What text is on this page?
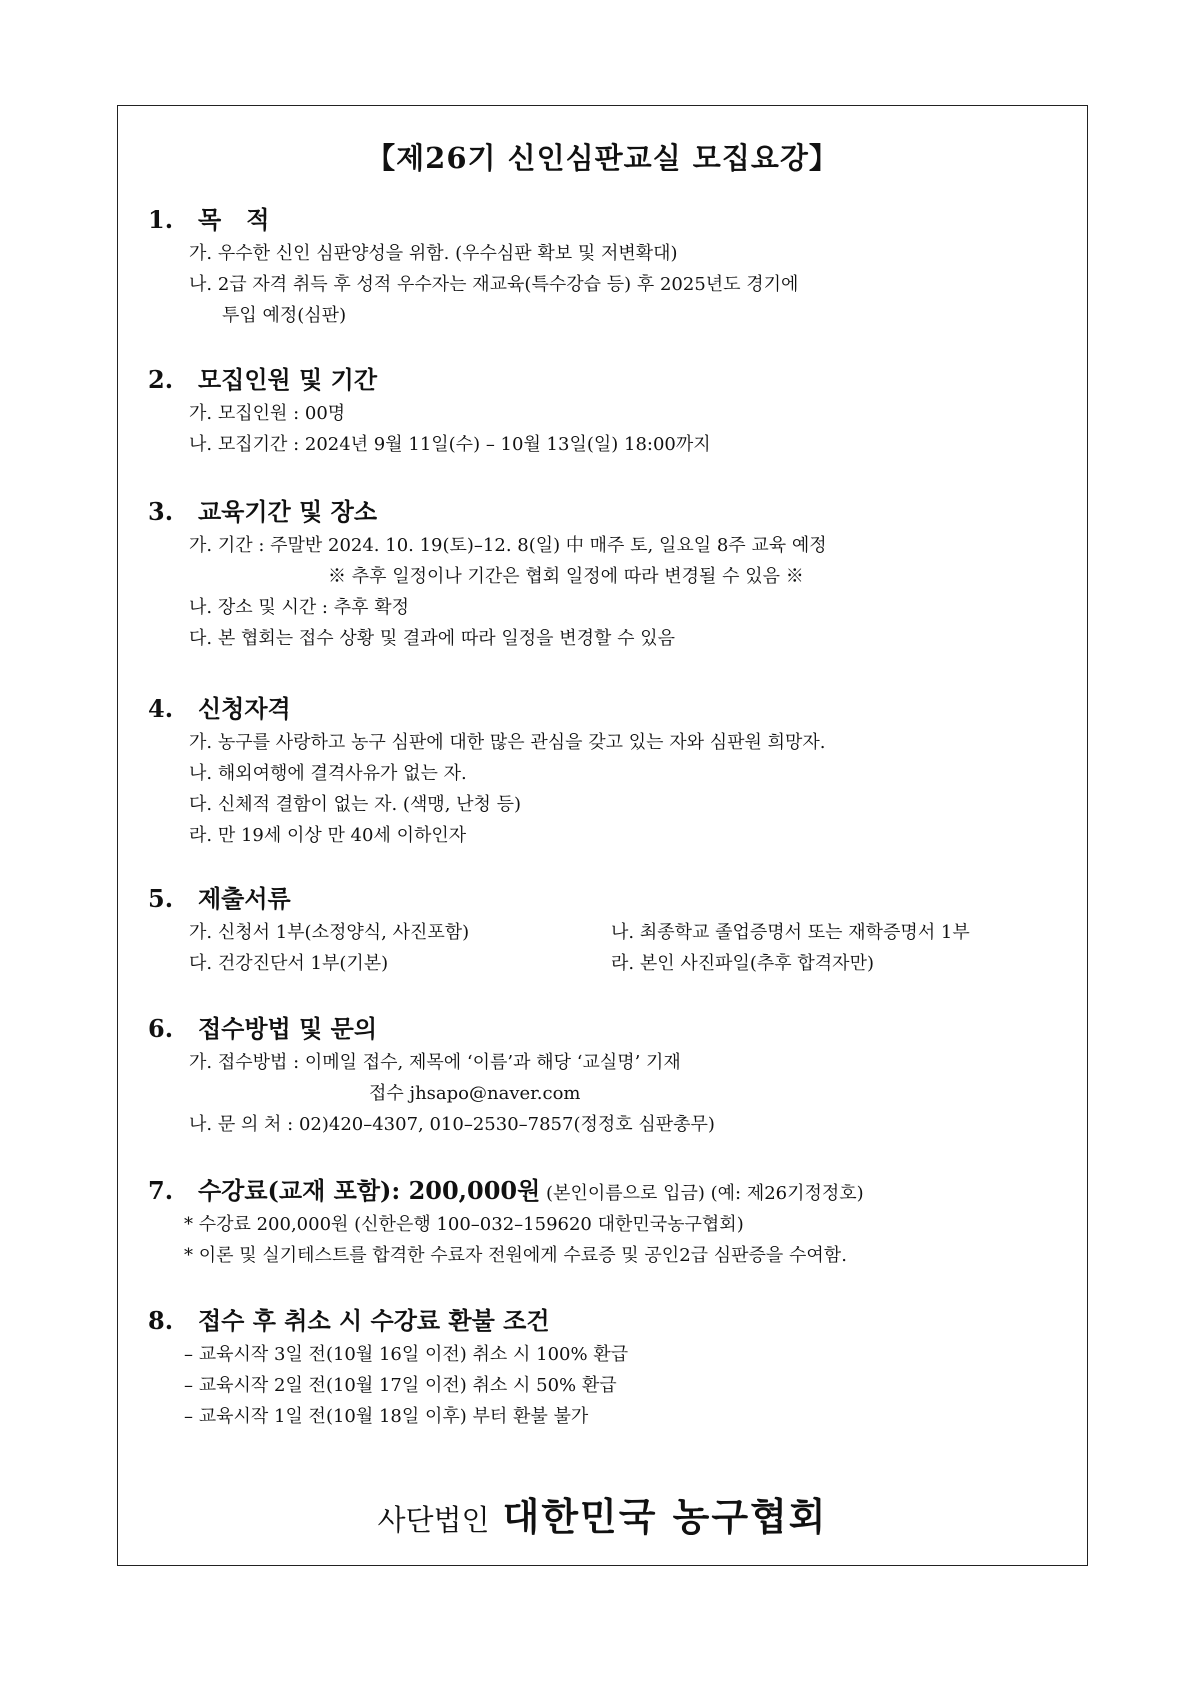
【제26기 신인심판교실 모집요강】
1. 목   적
가. 우수한 신인 심판양성을 위함. (우수심판 확보 및 저변확대)
나. 2급 자격 취득 후 성적 우수자는 재교육(특수강습 등) 후 2025년도 경기에
투입 예정(심판)
2. 모집인원 및 기간
가. 모집인원 : 00명
나. 모집기간 : 2024년 9월 11일(수) – 10월 13일(일) 18:00까지
3. 교육기간 및 장소
가. 기간 : 주말반 2024. 10. 19(토)–12. 8(일) 中 매주 토, 일요일 8주 교육 예정
※ 추후 일정이나 기간은 협회 일정에 따라 변경될 수 있음 ※
나. 장소 및 시간 : 추후 확정
다. 본 협회는 접수 상황 및 결과에 따라 일정을 변경할 수 있음
4. 신청자격
가. 농구를 사랑하고 농구 심판에 대한 많은 관심을 갖고 있는 자와 심판원 희망자.
나. 해외여행에 결격사유가 없는 자.
다. 신체적 결함이 없는 자. (색맹, 난청 등)
라. 만 19세 이상 만 40세 이하인자
5. 제출서류
가. 신청서 1부(소정양식, 사진포함)	나. 최종학교 졸업증명서 또는 재학증명서 1부
다. 건강진단서 1부(기본)	라. 본인 사진파일(추후 합격자만)
6. 접수방법 및 문의
가. 접수방법 : 이메일 접수, 제목에 ‘이름’과 해당 ‘교실명’ 기재
접수 jhsapo@naver.com
나. 문 의 처 : 02)420–4307, 010–2530–7857(정정호 심판총무)
7. 수강료(교재 포함): 200,000원 (본인이름으로 입금) (예: 제26기정정호)
* 수강료 200,000원 (신한은행 100–032–159620 대한민국농구협회)
* 이론 및 실기테스트를 합격한 수료자 전원에게 수료증 및 공인2급 심판증을 수여함.
8. 접수 후 취소 시 수강료 환불 조건
– 교육시작 3일 전(10월 16일 이전) 취소 시 100% 환급
– 교육시작 2일 전(10월 17일 이전) 취소 시 50% 환급
– 교육시작 1일 전(10월 18일 이후) 부터 환불 불가
사단법인 대한민국 농구협회
